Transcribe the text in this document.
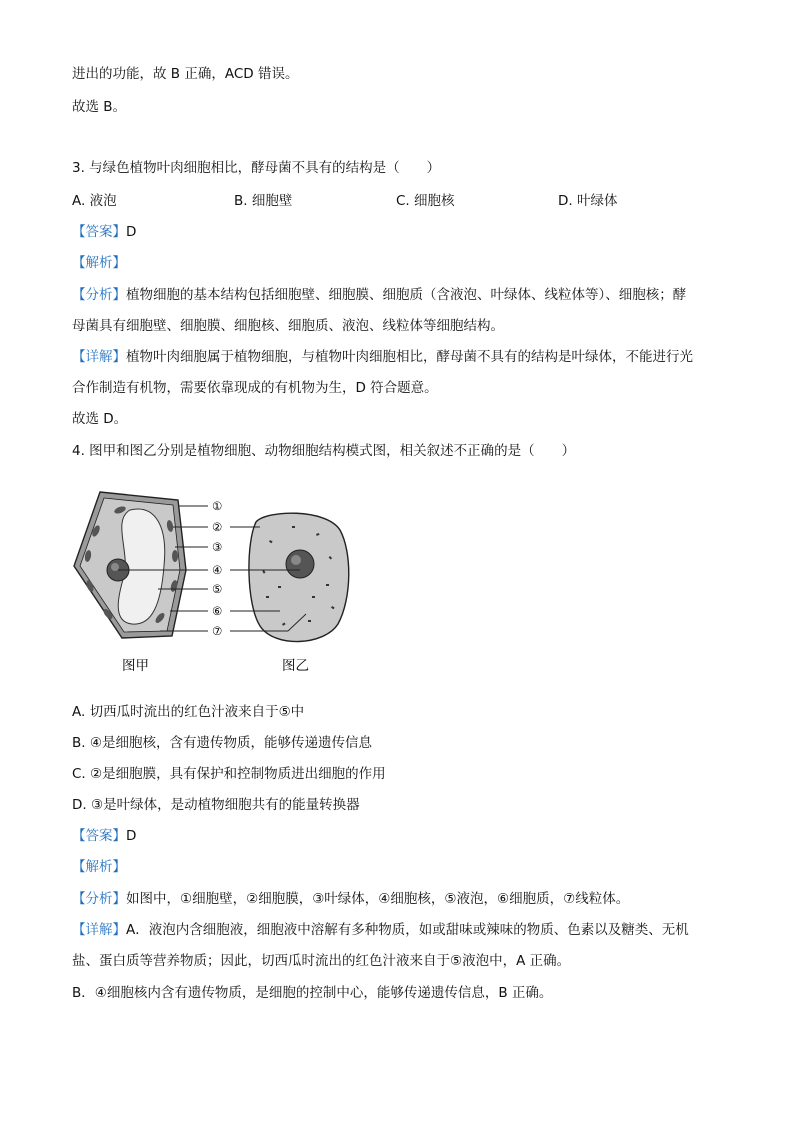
进出的功能，故 B 正确，ACD 错误。
故选 B。
3. 与绿色植物叶肉细胞相比，酵母菌不具有的结构是（　　）
A. 液泡	B. 细胞壁	C. 细胞核	D. 叶绿体
【答案】D
【解析】
【分析】植物细胞的基本结构包括细胞壁、细胞膜、细胞质（含液泡、叶绿体、线粒体等）、细胞核；酵
母菌具有细胞壁、细胞膜、细胞核、细胞质、液泡、线粒体等细胞结构。
【详解】植物叶肉细胞属于植物细胞，与植物叶肉细胞相比，酵母菌不具有的结构是叶绿体，不能进行光
合作制造有机物，需要依靠现成的有机物为生，D 符合题意。
故选 D。
4. 图甲和图乙分别是植物细胞、动物细胞结构模式图，相关叙述不正确的是（　　）
①
②
③
④
⑤
⑥
⑦
图甲	图乙
A. 切西瓜时流出的红色汁液来自于⑤中
B. ④是细胞核，含有遗传物质，能够传递遗传信息
C. ②是细胞膜，具有保护和控制物质进出细胞的作用
D. ③是叶绿体，是动植物细胞共有的能量转换器
【答案】D
【解析】
【分析】如图中，①细胞壁，②细胞膜，③叶绿体，④细胞核，⑤液泡，⑥细胞质，⑦线粒体。
【详解】A．液泡内含细胞液，细胞液中溶解有多种物质，如或甜味或辣味的物质、色素以及糖类、无机
盐、蛋白质等营养物质；因此，切西瓜时流出的红色汁液来自于⑤液泡中，A 正确。
B．④细胞核内含有遗传物质，是细胞的控制中心，能够传递遗传信息，B 正确。
